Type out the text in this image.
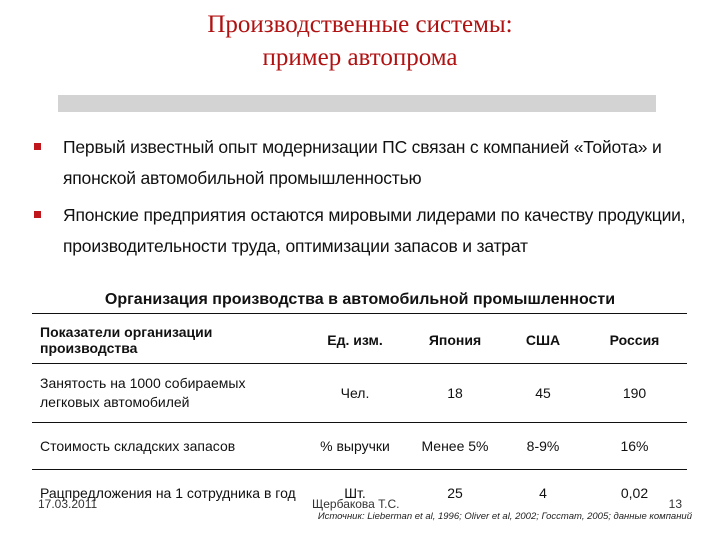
Производственные системы:
пример автопрома
Первый известный опыт модернизации ПС связан с компанией «Тойота» и японской автомобильной промышленностью
Японские предприятия остаются мировыми лидерами по качеству продукции, производительности труда, оптимизации запасов и затрат
Организация производства в автомобильной промышленности
Показатели организации производства	Ед. изм.	Япония	США	Россия
Занятость на 1000 собираемых легковых автомобилей	Чел.	18	45	190
Стоимость складских запасов	% выручки	Менее 5%	8-9%	16%
Рацпредложения на 1 сотрудника в год	Шт.	25	4	0,02
17.03.2011	Щербакова Т.С.	13
Источник: Lieberman et al, 1996; Oliver et al, 2002; Госстат, 2005; данные компаний
